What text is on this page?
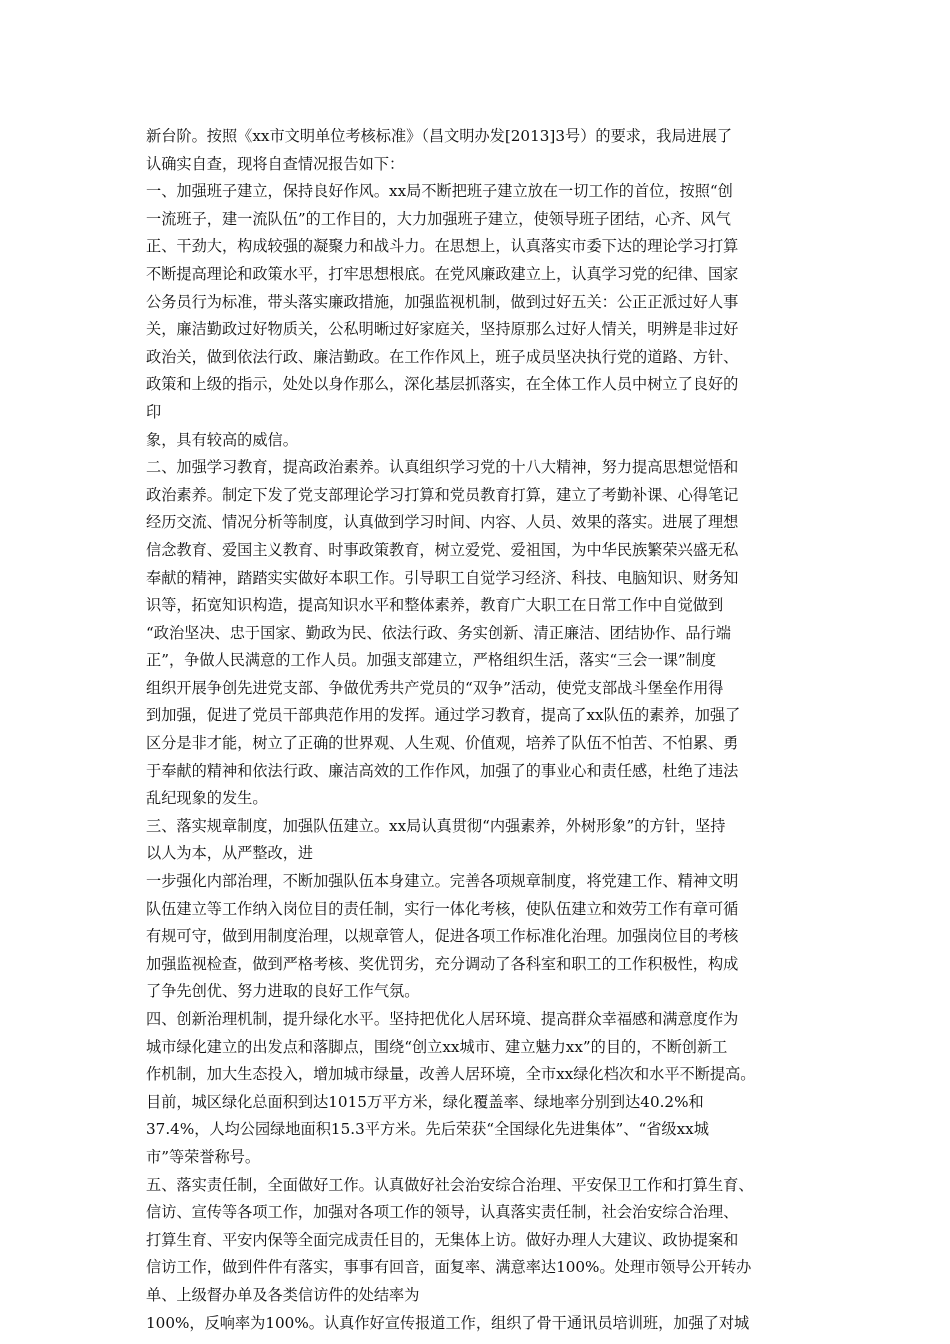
新台阶。按照《xx市文明单位考核标准》（昌文明办发[2013]3号）的要求，我局进展了
认确实自查，现将自查情况报告如下：
一、加强班子建立，保持良好作风。xx局不断把班子建立放在一切工作的首位，按照“创
一流班子，建一流队伍”的工作目的，大力加强班子建立，使领导班子团结，心齐、风气
正、干劲大，构成较强的凝聚力和战斗力。在思想上，认真落实市委下达的理论学习打算
不断提高理论和政策水平，打牢思想根底。在党风廉政建立上，认真学习党的纪律、国家
公务员行为标准，带头落实廉政措施，加强监视机制，做到过好五关：公正正派过好人事
关，廉洁勤政过好物质关，公私明晰过好家庭关，坚持原那么过好人情关，明辨是非过好
政治关，做到依法行政、廉洁勤政。在工作作风上，班子成员坚决执行党的道路、方针、
政策和上级的指示，处处以身作那么，深化基层抓落实，在全体工作人员中树立了良好的
印
象，具有较高的威信。
二、加强学习教育，提高政治素养。认真组织学习党的十八大精神，努力提高思想觉悟和
政治素养。制定下发了党支部理论学习打算和党员教育打算，建立了考勤补课、心得笔记
经历交流、情况分析等制度，认真做到学习时间、内容、人员、效果的落实。进展了理想
信念教育、爱国主义教育、时事政策教育，树立爱党、爱祖国，为中华民族繁荣兴盛无私
奉献的精神，踏踏实实做好本职工作。引导职工自觉学习经济、科技、电脑知识、财务知
识等，拓宽知识构造，提高知识水平和整体素养，教育广大职工在日常工作中自觉做到
“政治坚决、忠于国家、勤政为民、依法行政、务实创新、清正廉洁、团结协作、品行端
正”，争做人民满意的工作人员。加强支部建立，严格组织生活，落实“三会一课”制度
组织开展争创先进党支部、争做优秀共产党员的“双争”活动，使党支部战斗堡垒作用得
到加强，促进了党员干部典范作用的发挥。通过学习教育，提高了xx队伍的素养，加强了
区分是非才能，树立了正确的世界观、人生观、价值观，培养了队伍不怕苦、不怕累、勇
于奉献的精神和依法行政、廉洁高效的工作作风，加强了的事业心和责任感，杜绝了违法
乱纪现象的发生。
三、落实规章制度，加强队伍建立。xx局认真贯彻“内强素养，外树形象”的方针，坚持
以人为本，从严整改，进
一步强化内部治理，不断加强队伍本身建立。完善各项规章制度，将党建工作、精神文明
队伍建立等工作纳入岗位目的责任制，实行一体化考核，使队伍建立和效劳工作有章可循
有规可守，做到用制度治理，以规章管人，促进各项工作标准化治理。加强岗位目的考核
加强监视检查，做到严格考核、奖优罚劣，充分调动了各科室和职工的工作积极性，构成
了争先创优、努力进取的良好工作气氛。
四、创新治理机制，提升绿化水平。坚持把优化人居环境、提高群众幸福感和满意度作为
城市绿化建立的出发点和落脚点，围绕“创立xx城市、建立魅力xx”的目的，不断创新工
作机制，加大生态投入，增加城市绿量，改善人居环境，全市xx绿化档次和水平不断提高。
目前，城区绿化总面积到达1015万平方米，绿化覆盖率、绿地率分别到达40.2%和
37.4%，人均公园绿地面积15.3平方米。先后荣获“全国绿化先进集体”、“省级xx城
市”等荣誉称号。
五、落实责任制，全面做好工作。认真做好社会治安综合治理、平安保卫工作和打算生育、
信访、宣传等各项工作，加强对各项工作的领导，认真落实责任制，社会治安综合治理、
打算生育、平安内保等全面完成责任目的，无集体上访。做好办理人大建议、政协提案和
信访工作，做到件件有落实，事事有回音，面复率、满意率达100%。处理市领导公开转办
单、上级督办单及各类信访件的处结率为
100%，反响率为100%。认真作好宣传报道工作，组织了骨干通讯员培训班，加强了对城
